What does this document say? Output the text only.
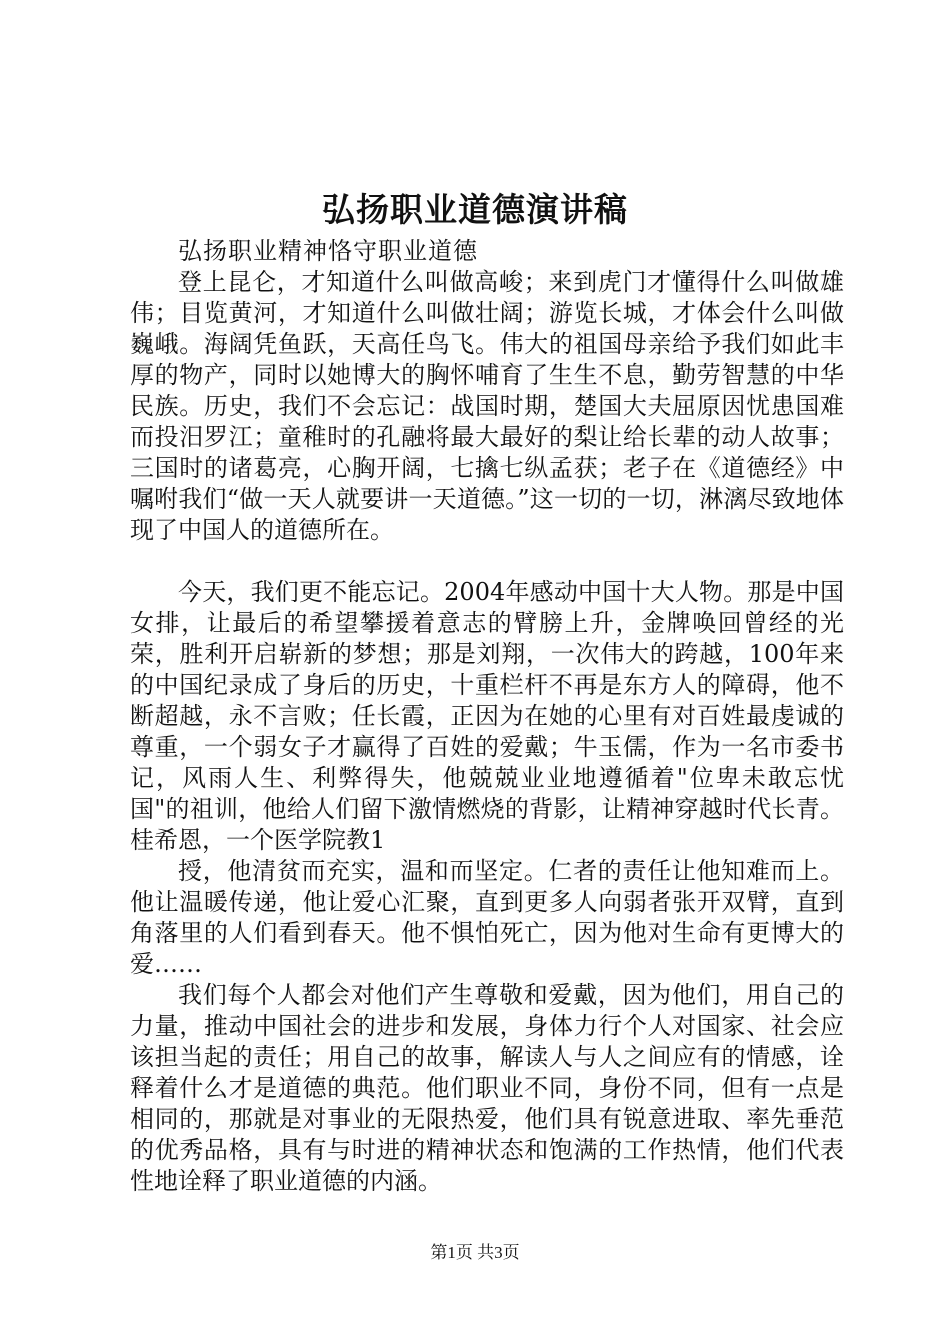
弘扬职业道德演讲稿

弘扬职业精神恪守职业道德

登上昆仑，才知道什么叫做高峻；来到虎门才懂得什么叫做雄伟；目览黄河，才知道什么叫做壮阔；游览长城，才体会什么叫做巍峨。海阔凭鱼跃，天高任鸟飞。伟大的祖国母亲给予我们如此丰厚的物产，同时以她博大的胸怀哺育了生生不息，勤劳智慧的中华民族。历史，我们不会忘记：战国时期，楚国大夫屈原因忧患国难而投汨罗江；童稚时的孔融将最大最好的梨让给长辈的动人故事；三国时的诸葛亮，心胸开阔，七擒七纵孟获；老子在《道德经》中嘱咐我们“做一天人就要讲一天道德。”这一切的一切，淋漓尽致地体现了中国人的道德所在。

今天，我们更不能忘记。2004年感动中国十大人物。那是中国女排，让最后的希望攀援着意志的臂膀上升，金牌唤回曾经的光荣，胜利开启崭新的梦想；那是刘翔，一次伟大的跨越，100年来的中国纪录成了身后的历史，十重栏杆不再是东方人的障碍，他不断超越，永不言败；任长霞，正因为在她的心里有对百姓最虔诚的尊重，一个弱女子才赢得了百姓的爱戴；牛玉儒，作为一名市委书记，风雨人生、利弊得失，他兢兢业业地遵循着"位卑未敢忘忧国"的祖训，他给人们留下激情燃烧的背影，让精神穿越时代长青。桂希恩，一个医学院教1

授，他清贫而充实，温和而坚定。仁者的责任让他知难而上。他让温暖传递，他让爱心汇聚，直到更多人向弱者张开双臂，直到角落里的人们看到春天。他不惧怕死亡，因为他对生命有更博大的爱……

我们每个人都会对他们产生尊敬和爱戴，因为他们，用自己的力量，推动中国社会的进步和发展，身体力行个人对国家、社会应该担当起的责任；用自己的故事，解读人与人之间应有的情感，诠释着什么才是道德的典范。他们职业不同，身份不同，但有一点是相同的，那就是对事业的无限热爱，他们具有锐意进取、率先垂范的优秀品格，具有与时进的精神状态和饱满的工作热情，他们代表性地诠释了职业道德的内涵。

第1页 共3页
